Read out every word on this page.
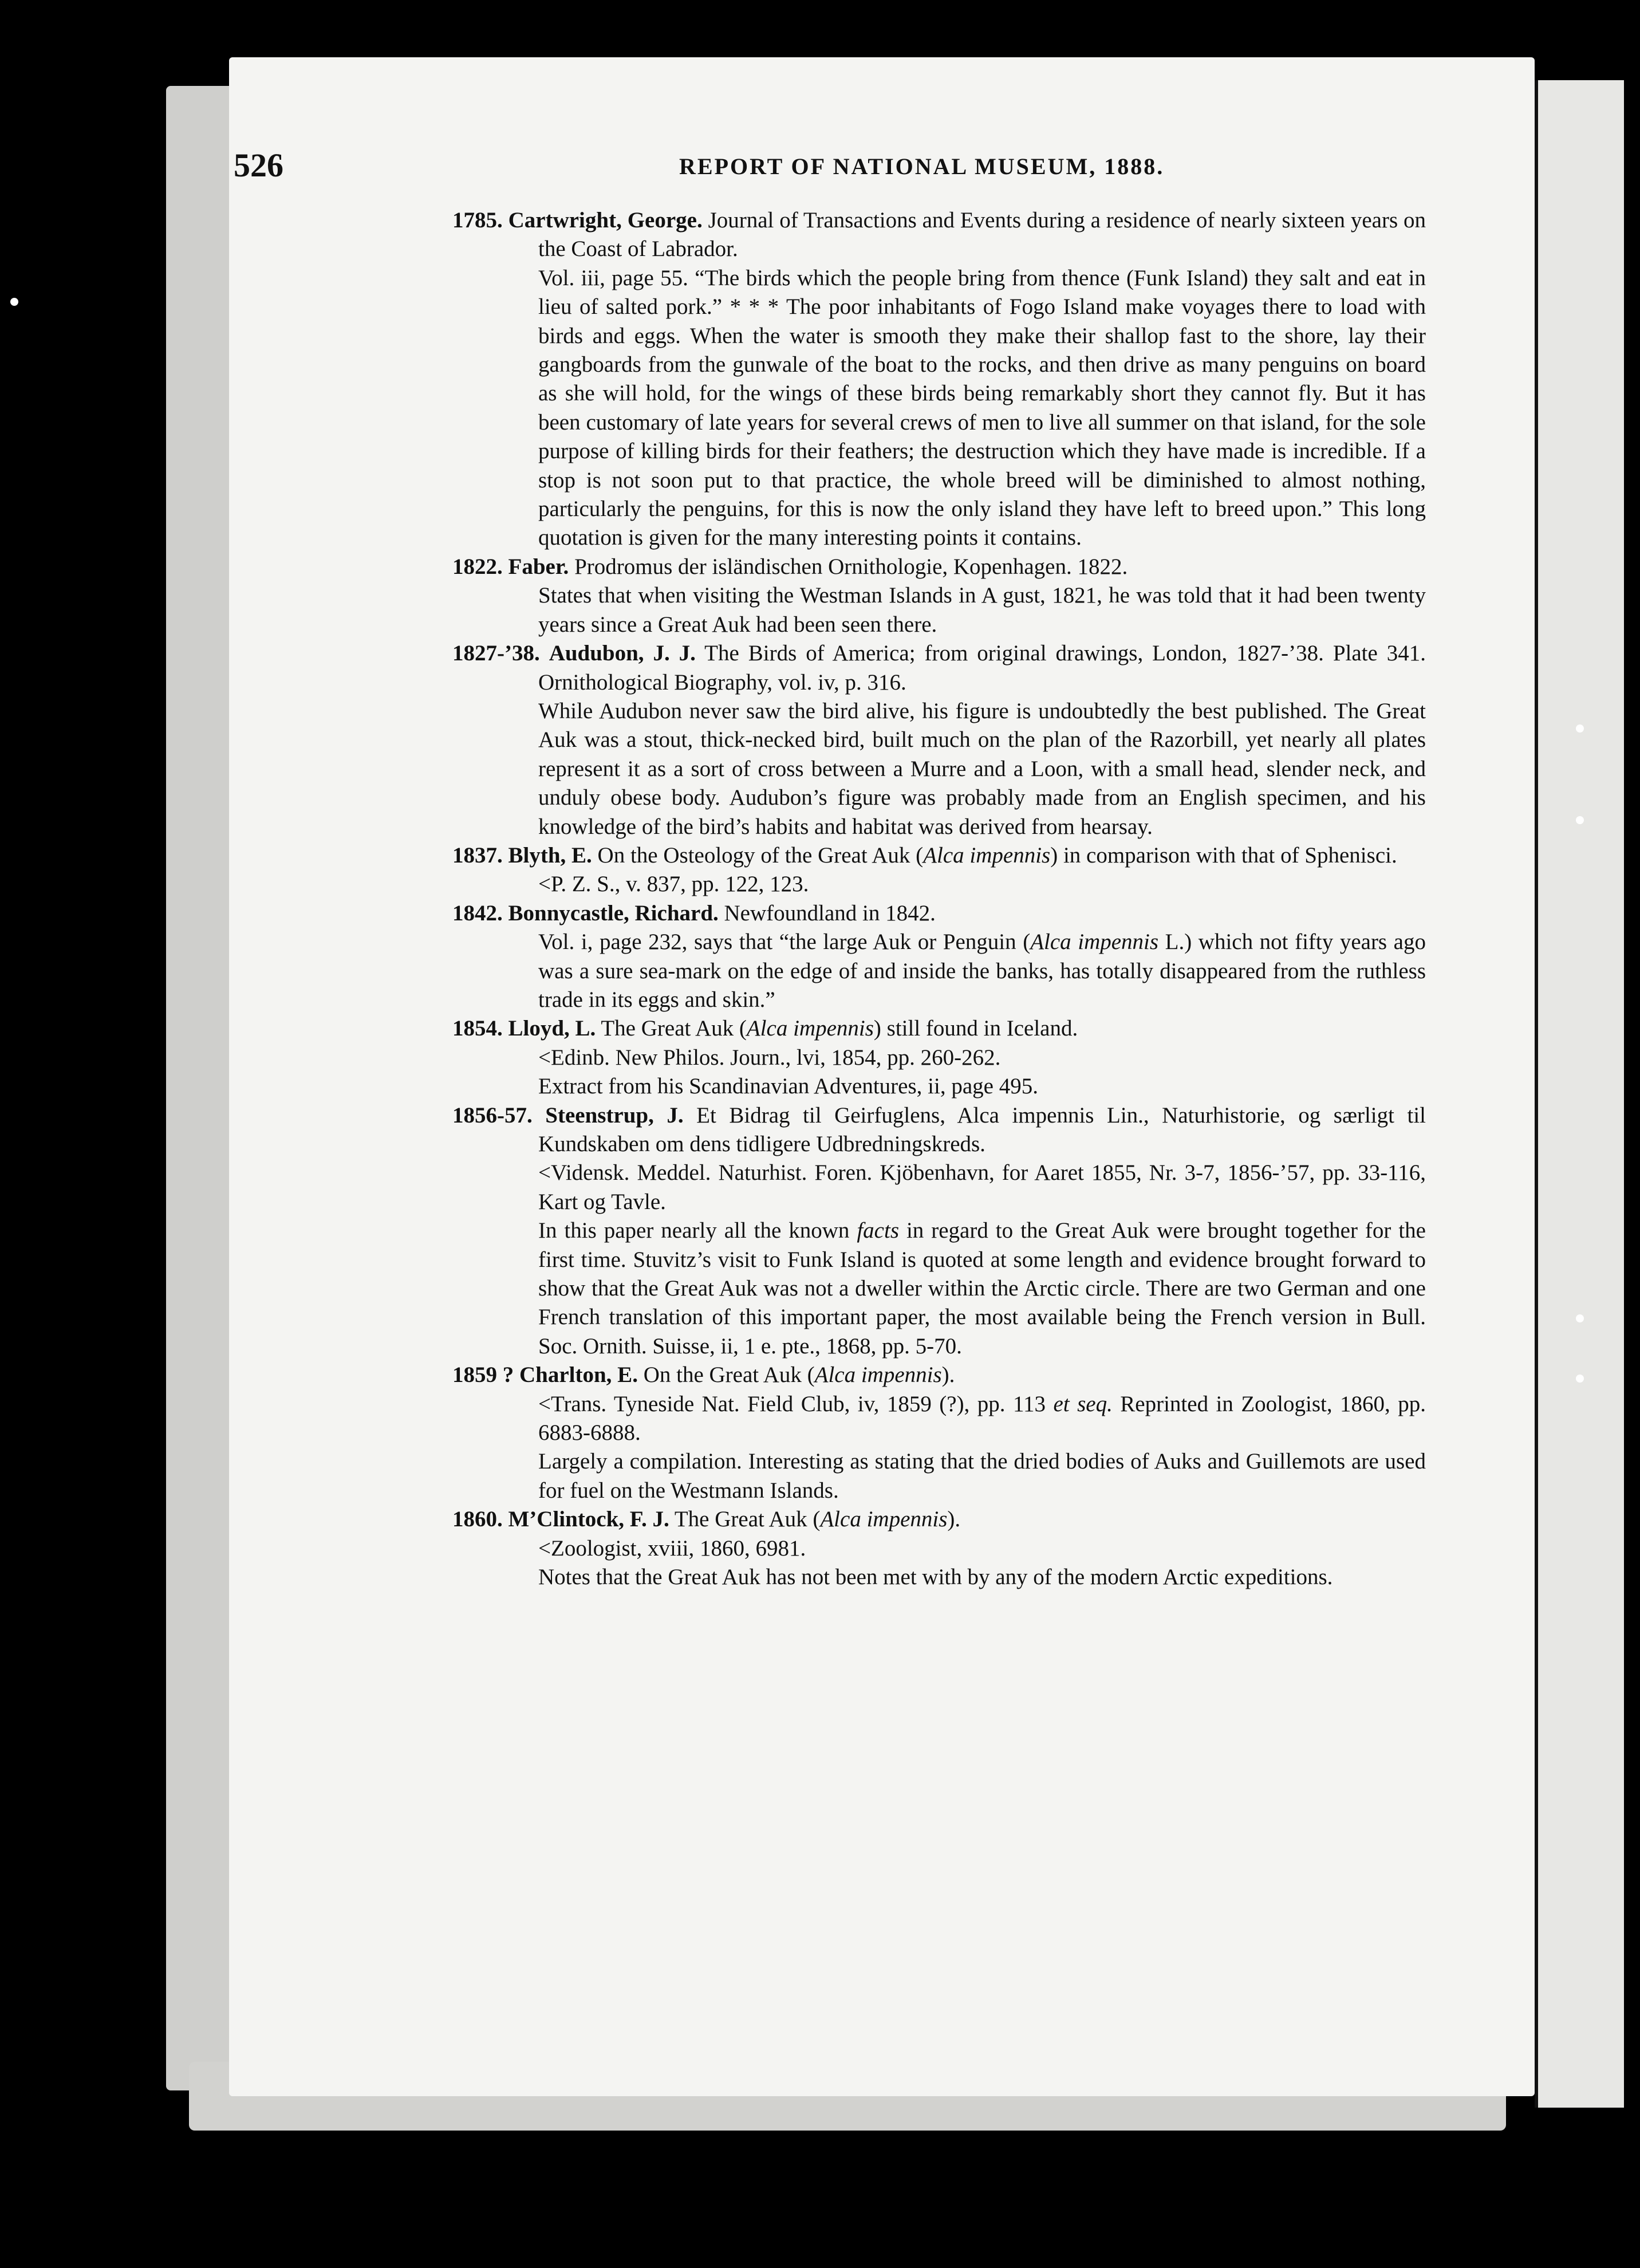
526	REPORT OF NATIONAL MUSEUM, 1888.

1785. Cartwright, George. Journal of Transactions and Events during a residence of nearly sixteen years on the Coast of Labrador.

Vol. iii, page 55. “The birds which the people bring from thence (Funk Island) they salt and eat in lieu of salted pork.” * * * The poor inhabitants of Fogo Island make voyages there to load with birds and eggs. When the water is smooth they make their shallop fast to the shore, lay their gangboards from the gunwale of the boat to the rocks, and then drive as many penguins on board as she will hold, for the wings of these birds being remarkably short they cannot fly. But it has been customary of late years for several crews of men to live all summer on that island, for the sole purpose of killing birds for their feathers; the destruction which they have made is incredible. If a stop is not soon put to that practice, the whole breed will be diminished to almost nothing, particularly the penguins, for this is now the only island they have left to breed upon.” This long quotation is given for the many interesting points it contains.

1822. Faber. Prodromus der isländischen Ornithologie, Kopenhagen. 1822.

States that when visiting the Westman Islands in A gust, 1821, he was told that it had been twenty years since a Great Auk had been seen there.

1827-’38. Audubon, J. J. The Birds of America; from original drawings, London, 1827-’38. Plate 341. Ornithological Biography, vol. iv, p. 316.

While Audubon never saw the bird alive, his figure is undoubtedly the best published. The Great Auk was a stout, thick-necked bird, built much on the plan of the Razorbill, yet nearly all plates represent it as a sort of cross between a Murre and a Loon, with a small head, slender neck, and unduly obese body. Audubon’s figure was probably made from an English specimen, and his knowledge of the bird’s habits and habitat was derived from hearsay.

1837. Blyth, E. On the Osteology of the Great Auk (Alca impennis) in comparison with that of Sphenisci.

<P. Z. S., v. 837, pp. 122, 123.

1842. Bonnycastle, Richard. Newfoundland in 1842.

Vol. i, page 232, says that “the large Auk or Penguin (Alca impennis L.) which not fifty years ago was a sure sea-mark on the edge of and inside the banks, has totally disappeared from the ruthless trade in its eggs and skin.”

1854. Lloyd, L. The Great Auk (Alca impennis) still found in Iceland.

<Edinb. New Philos. Journ., lvi, 1854, pp. 260-262.

Extract from his Scandinavian Adventures, ii, page 495.

1856-57. Steenstrup, J. Et Bidrag til Geirfuglens, Alca impennis Lin., Naturhistorie, og særligt til Kundskaben om dens tidligere Udbredningskreds.

<Vidensk. Meddel. Naturhist. Foren. Kjöbenhavn, for Aaret 1855, Nr. 3-7, 1856-’57, pp. 33-116, Kart og Tavle.

In this paper nearly all the known facts in regard to the Great Auk were brought together for the first time. Stuvitz’s visit to Funk Island is quoted at some length and evidence brought forward to show that the Great Auk was not a dweller within the Arctic circle. There are two German and one French translation of this important paper, the most available being the French version in Bull. Soc. Ornith. Suisse, ii, 1 e. pte., 1868, pp. 5-70.

1859 ? Charlton, E. On the Great Auk (Alca impennis).

<Trans. Tyneside Nat. Field Club, iv, 1859 (?), pp. 113 et seq. Reprinted in Zoologist, 1860, pp. 6883-6888.

Largely a compilation. Interesting as stating that the dried bodies of Auks and Guillemots are used for fuel on the Westmann Islands.

1860. M’Clintock, F. J. The Great Auk (Alca impennis).

<Zoologist, xviii, 1860, 6981.

Notes that the Great Auk has not been met with by any of the modern Arctic expeditions.
